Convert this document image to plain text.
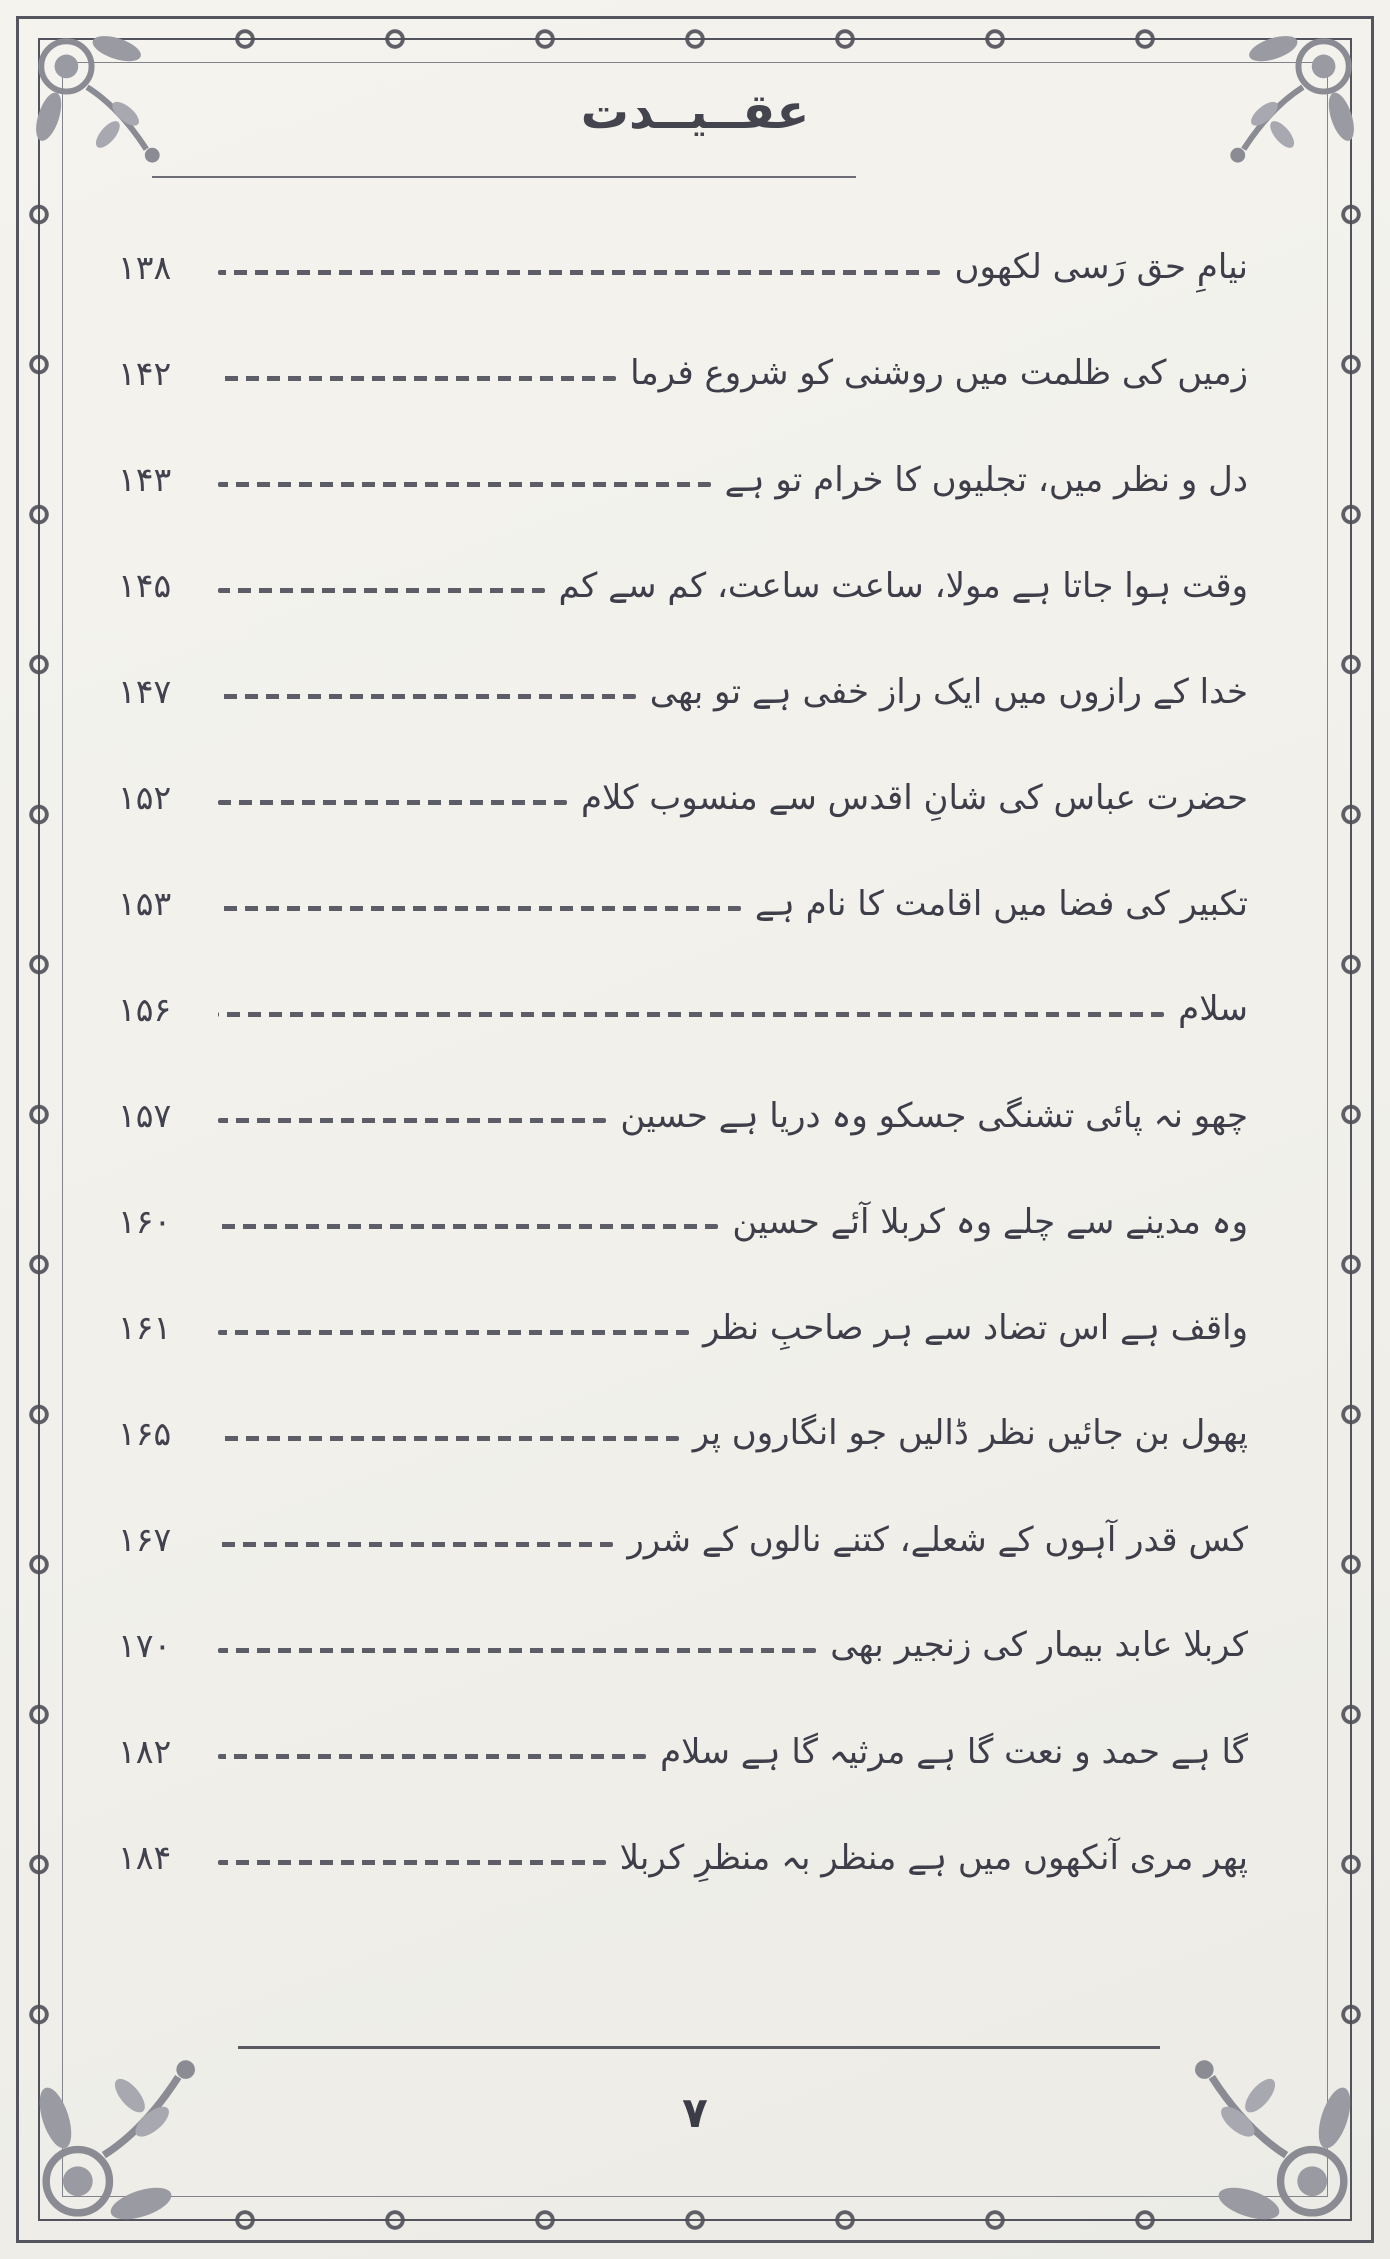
عقــیــدت
نیامِ حق رَسی لکھوں
۱۳۸
زمیں کی ظلمت میں روشنی کو شروع فرما
۱۴۲
دل و نظر میں، تجلیوں کا خرام تو ہے
۱۴۳
وقت ہوا جاتا ہے مولا، ساعت ساعت، کم سے کم
۱۴۵
خدا کے رازوں میں ایک راز خفی ہے تو بھی
۱۴۷
حضرت عباس کی شانِ اقدس سے منسوب کلام
۱۵۲
تکبیر کی فضا میں اقامت کا نام ہے
۱۵۳
سلام
۱۵۶
چھو نہ پائی تشنگی جسکو وہ دریا ہے حسین
۱۵۷
وہ مدینے سے چلے وہ کربلا آئے حسین
۱۶۰
واقف ہے اس تضاد سے ہر صاحبِ نظر
۱۶۱
پھول بن جائیں نظر ڈالیں جو انگاروں پر
۱۶۵
کس قدر آہوں کے شعلے، کتنے نالوں کے شرر
۱۶۷
کربلا عابد بیمار کی زنجیر بھی
۱۷۰
گا ہے حمد و نعت گا ہے مرثیہ گا ہے سلام
۱۸۲
پھر مری آنکھوں میں ہے منظر بہ منظرِ کربلا
۱۸۴
۷
